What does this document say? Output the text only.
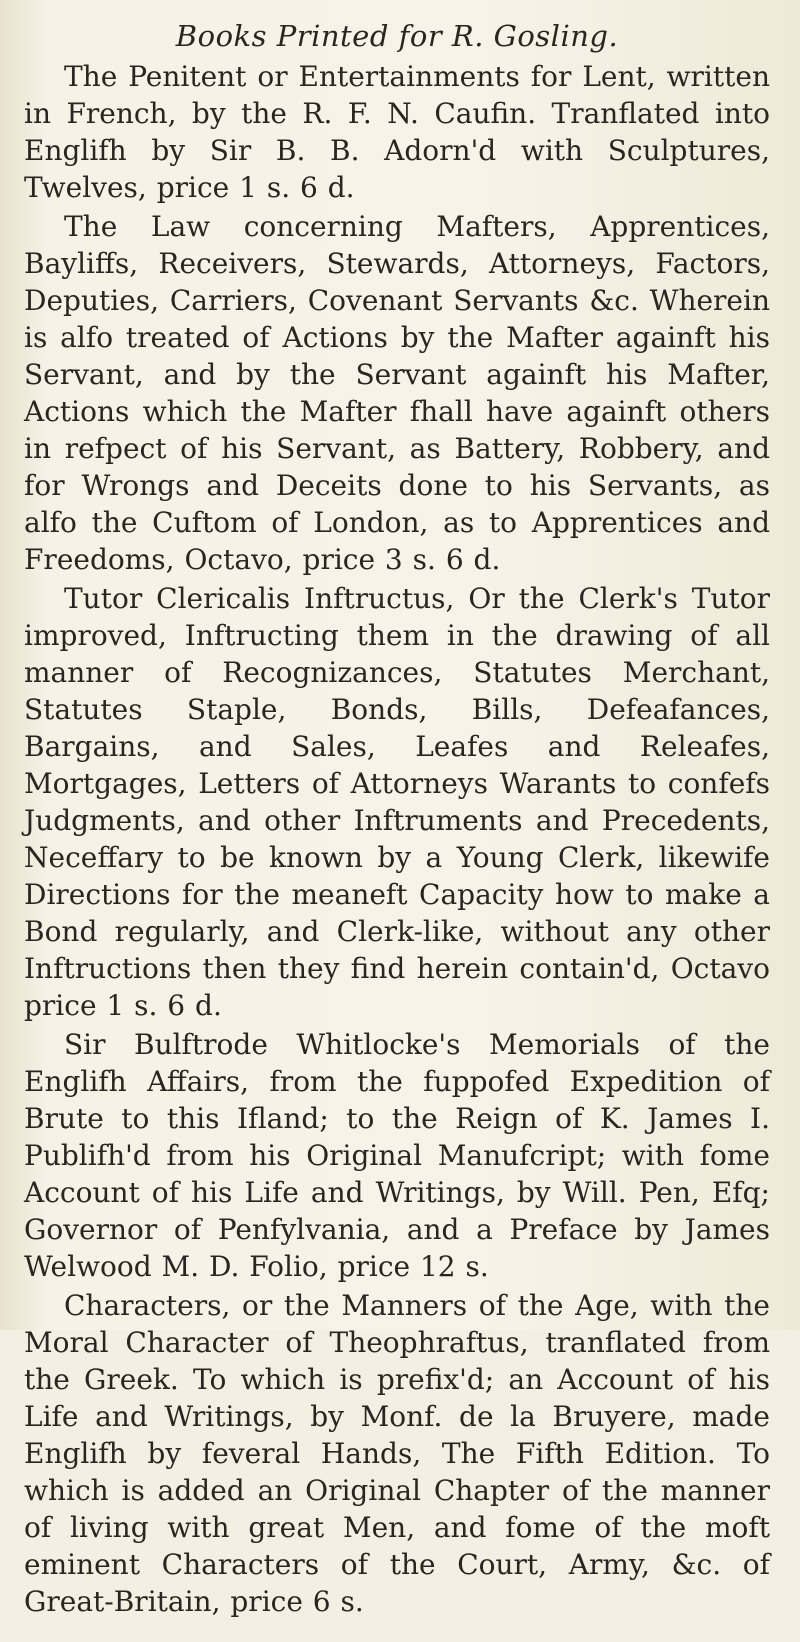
Books Printed for R. Gosling.

The Penitent or Entertainments for Lent, written in French, by the R. F. N. Caufin. Tranflated into Englifh by Sir B. B. Adorn'd with Sculptures, Twelves, price 1 s. 6 d.

The Law concerning Mafters, Apprentices, Bayliffs, Receivers, Stewards, Attorneys, Factors, Deputies, Carriers, Covenant Servants &c. Wherein is alfo treated of Actions by the Mafter againft his Servant, and by the Servant againft his Mafter, Actions which the Mafter fhall have againft others in refpect of his Servant, as Battery, Robbery, and for Wrongs and Deceits done to his Servants, as alfo the Cuftom of London, as to Apprentices and Freedoms, Octavo, price 3 s. 6 d.

Tutor Clericalis Inftructus, Or the Clerk's Tutor improved, Inftructing them in the drawing of all manner of Recognizances, Statutes Merchant, Statutes Staple, Bonds, Bills, Defeafances, Bargains, and Sales, Leafes and Releafes, Mortgages, Letters of Attorneys Warants to confefs Judgments, and other Inftruments and Precedents, Neceffary to be known by a Young Clerk, likewife Directions for the meaneft Capacity how to make a Bond regularly, and Clerk-like, without any other Inftructions then they find herein contain'd, Octavo price 1 s. 6 d.

Sir Bulftrode Whitlocke's Memorials of the Englifh Affairs, from the fuppofed Expedition of Brute to this Ifland; to the Reign of K. James I. Publifh'd from his Original Manufcript; with fome Account of his Life and Writings, by Will. Pen, Efq; Governor of Penfylvania, and a Preface by James Welwood M. D. Folio, price 12 s.

Characters, or the Manners of the Age, with the Moral Character of Theophraftus, tranflated from the Greek. To which is prefix'd; an Account of his Life and Writings, by Monf. de la Bruyere, made Englifh by feveral Hands, The Fifth Edition. To which is added an Original Chapter of the manner of living with great Men, and fome of the moft eminent Characters of the Court, Army, &c. of Great-Britain, price 6 s.
